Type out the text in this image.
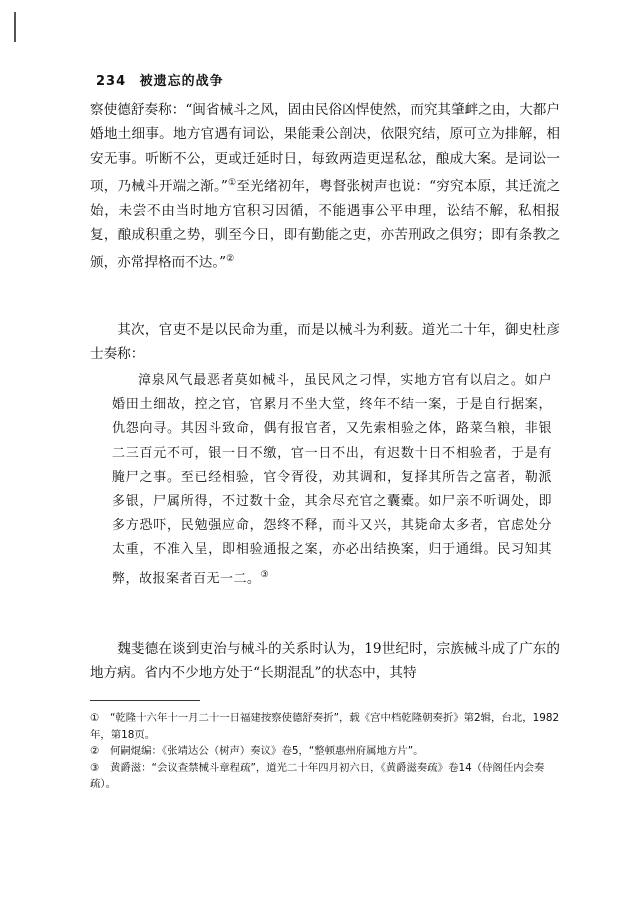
234 被遗忘的战争

察使德舒奏称：“闽省械斗之风，固由民俗凶悍使然，而究其肇衅之由，大都户婚地土细事。地方官遇有词讼，果能秉公剖决，依限究结，原可立为排解，相安无事。听断不公，更或迁延时日，每致两造更逞私忿，酿成大案。是词讼一项，乃械斗开端之渐。”①至光绪初年，粤督张树声也说：“穷究本原，其迁流之始，未尝不由当时地方官积习因循，不能遇事公平申理，讼结不解，私相报复，酿成积重之势，驯至今日，即有勤能之吏，亦苦刑政之俱穷；即有条教之颁，亦常捍格而不达。”②

其次，官吏不是以民命为重，而是以械斗为利薮。道光二十年，御史杜彦士奏称：

漳泉风气最恶者莫如械斗，虽民风之刁悍，实地方官有以启之。如户婚田土细故，控之官，官累月不坐大堂，终年不结一案，于是自行据案，仇怨向寻。其因斗致命，偶有报官者，又先索相验之体，路菜刍粮，非银二三百元不可，银一日不缴，官一日不出，有迟数十日不相验者，于是有腌尸之事。至已经相验，官令胥役，劝其调和，复择其所告之富者，勒派多银，尸属所得，不过数十金，其余尽充官之囊橐。如尸亲不听调处，即多方恐吓，民勉强应命，怨终不释，而斗又兴，其毙命太多者，官虑处分太重，不准入呈，即相验通报之案，亦必出结换案，归于通缉。民习知其弊，故报案者百无一二。③

魏斐德在谈到吏治与械斗的关系时认为，19世纪时，宗族械斗成了广东的地方病。省内不少地方处于“长期混乱”的状态中，其特

① “乾隆十六年十一月二十一日福建按察使德舒奏折”，载《宫中档乾隆朝奏折》第2辑，台北，1982年，第18页。

② 何嗣焜编：《张靖达公（树声）奏议》卷5，“整顿惠州府属地方片”。

③ 黄爵滋：“会议查禁械斗章程疏”，道光二十年四月初六日，《黄爵滋奏疏》卷14（侍阁任内会奏疏）。
